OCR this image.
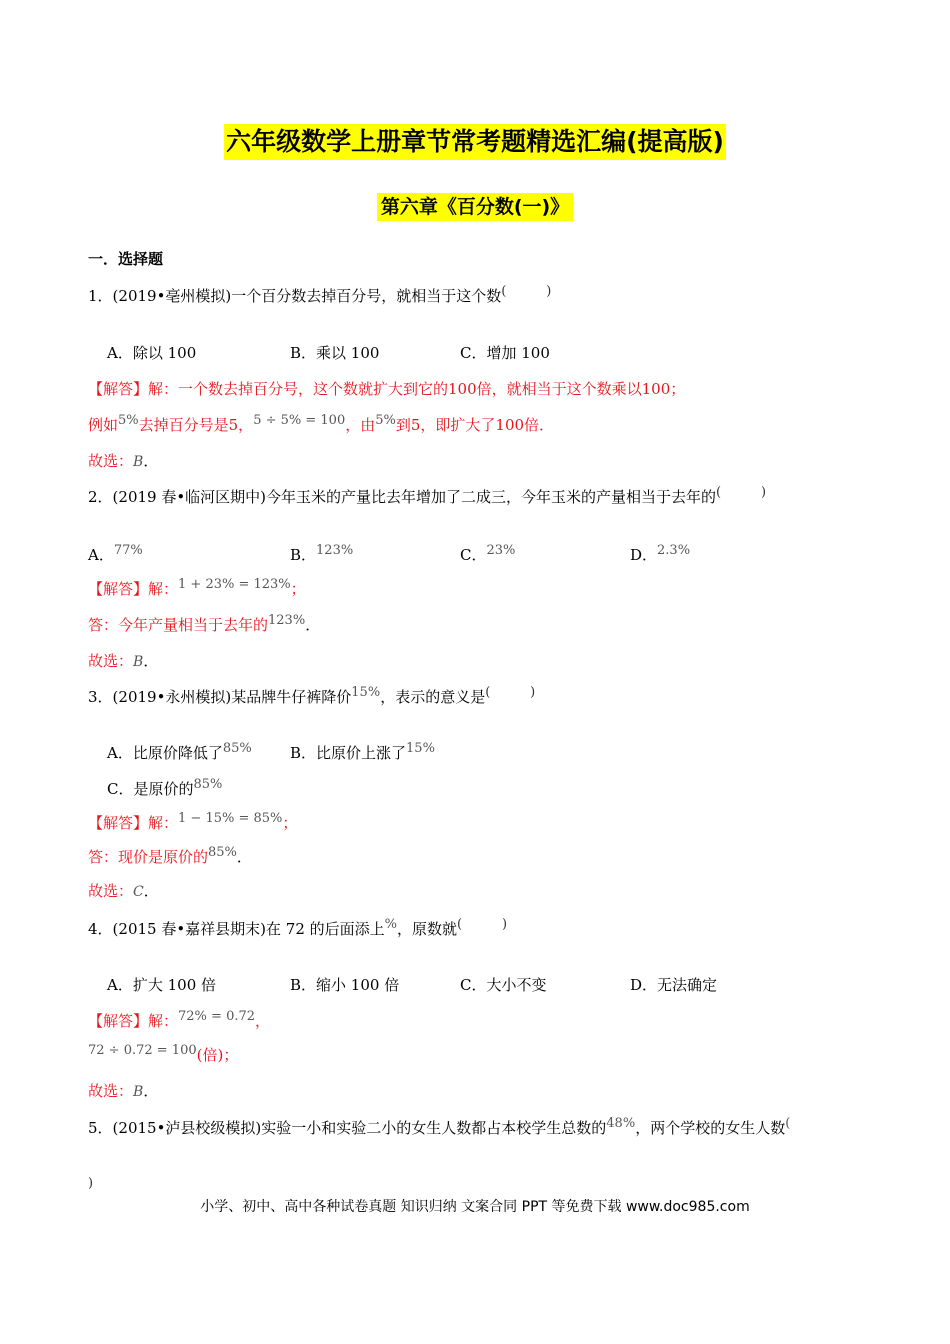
六年级数学上册章节常考题精选汇编(提高版)
第六章《百分数(一)》
一．选择题
1．(2019•亳州模拟)一个百分数去掉百分号，就相当于这个数(	)
A．除以 100	B．乘以 100	C．增加 100
【解答】解：一个数去掉百分号，这个数就扩大到它的100倍，就相当于这个数乘以100；
例如5%去掉百分号是5，5 ÷ 5% = 100，由5%到5，即扩大了100倍．
故选：B．
2．(2019 春•临河区期中)今年玉米的产量比去年增加了二成三，今年玉米的产量相当于去年的(	)
A．77%	B．123%	C．23%	D．2.3%
【解答】解：1 + 23% = 123%；
答：今年产量相当于去年的123%．
故选：B．
3．(2019•永州模拟)某品牌牛仔裤降价15%，表示的意义是(	)
A．比原价降低了85%	B．比原价上涨了15%
C．是原价的85%
【解答】解：1 − 15% = 85%；
答：现价是原价的85%．
故选：C．
4．(2015 春•嘉祥县期末)在 72 的后面添上%，原数就(	)
A．扩大 100 倍	B．缩小 100 倍	C．大小不变	D．无法确定
【解答】解：72% = 0.72，
72 ÷ 0.72 = 100(倍)；
故选：B．
5．(2015•泸县校级模拟)实验一小和实验二小的女生人数都占本校学生总数的48%，两个学校的女生人数(
)
小学、初中、高中各种试卷真题 知识归纳 文案合同 PPT 等免费下载 www.doc985.com
